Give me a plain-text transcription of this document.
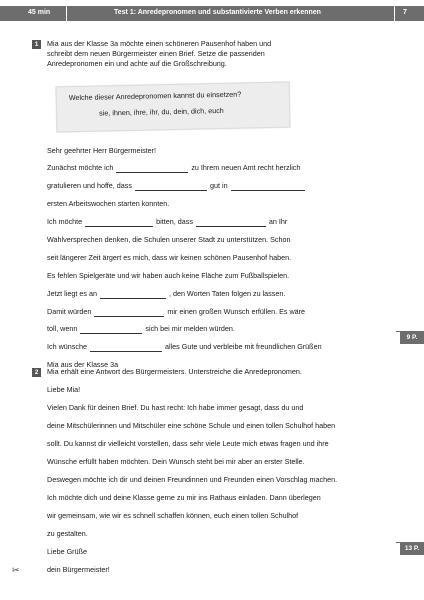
45 min	Test 1: Anredepronomen und substantivierte Verben erkennen	7
1	Mia aus der Klasse 3a möchte einen schöneren Pausenhof haben und
schreibt dem neuen Bürgermeister einen Brief. Setze die passenden
Anredepronomen ein und achte auf die Großschreibung.
Welche dieser Anredepronomen kannst du einsetzen?
sie, ihnen, ihre, ihr, du, dein, dich, euch
Sehr geehrter Herr Bürgermeister!
Zunächst möchte ich	zu Ihrem neuen Amt recht herzlich
gratulieren und hoffe, dass	gut in
ersten Arbeitswochen starten konnten.
Ich möchte	bitten, dass	an Ihr
Wahlversprechen denken, die Schulen unserer Stadt zu unterstützen. Schon
seit längerer Zeit ärgert es mich, dass wir keinen schönen Pausenhof haben.
Es fehlen Spielgeräte und wir haben auch keine Fläche zum Fußballspielen.
Jetzt liegt es an	, den Worten Taten folgen zu lassen.
Damit würden	mir einen großen Wunsch erfüllen. Es wäre
toll, wenn	sich bei mir melden würden.
Ich wünsche	alles Gute und verbleibe mit freundlichen Grüßen
Mia aus der Klasse 3a
9 P.
2	Mia erhält eine Antwort des Bürgermeisters. Unterstreiche die Anredepronomen.
Liebe Mia!
Vielen Dank für deinen Brief. Du hast recht: Ich habe immer gesagt, dass du und
deine Mitschülerinnen und Mitschüler eine schöne Schule und einen tollen Schulhof haben
sollt. Du kannst dir vielleicht vorstellen, dass sehr viele Leute mich etwas fragen und ihre
Wünsche erfüllt haben möchten. Dein Wunsch steht bei mir aber an erster Stelle.
Deswegen möchte ich dir und deinen Freundinnen und Freunden einen Vorschlag machen.
Ich möchte dich und deine Klasse gerne zu mir ins Rathaus einladen. Dann überlegen
wir gemeinsam, wie wir es schnell schaffen können, euch einen tollen Schulhof
zu gestalten.
Liebe Grüße
dein Bürgermeister!
13 P.
✂
